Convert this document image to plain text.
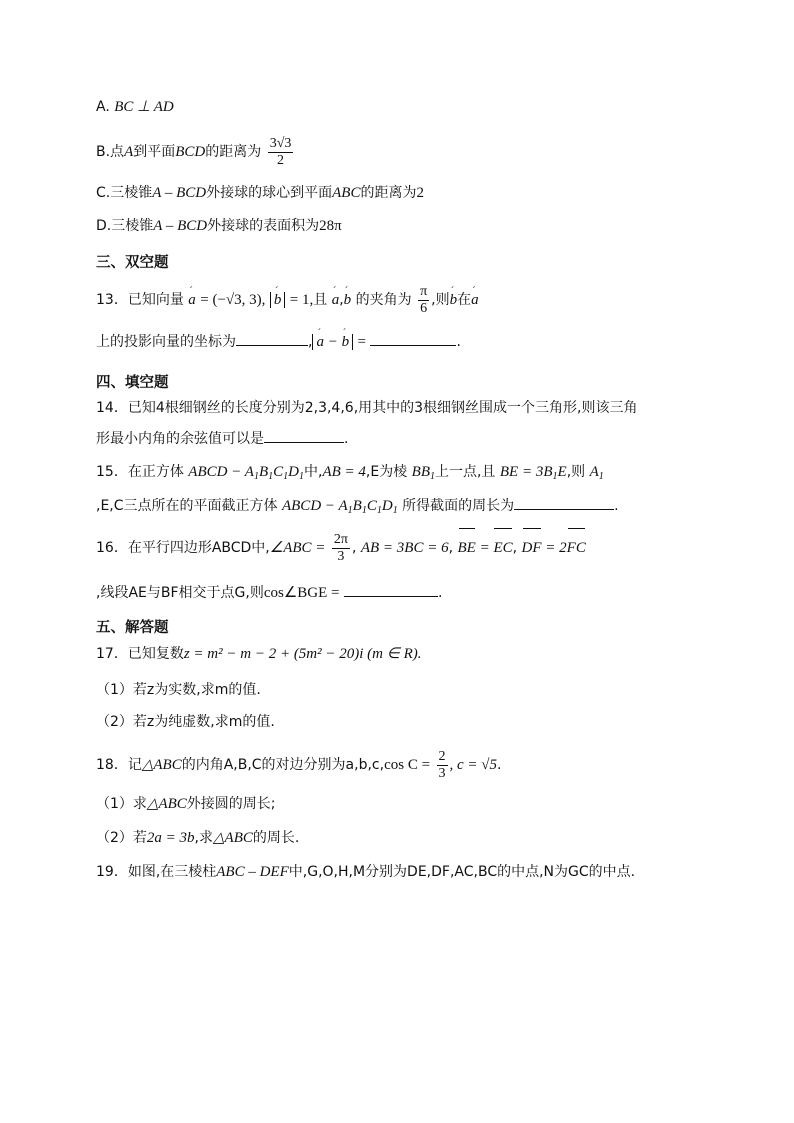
A. BC ⊥ AD
B.点A到平面BCD的距离为 $\frac{3√3}{2}$
C.三棱锥A – BCD外接球的球心到平面ABC的距离为2
D.三棱锥A – BCD外接球的表面积为28π
三、双空题
13．已知向量 ´ a = (−√3, 3), ´ b = 1,且 ´ a,´ b 的夹角为 $\frac{\pi}{6}$ ,则´ b在´ a
上的投影向量的坐标为	, ´ a − ´ b =	.
四、填空题
14．已知4根细钢丝的长度分别为2,3,4,6,用其中的3根细钢丝围成一个三角形,则该三角
形最小内角的余弦值可以是	.
15．在正方体 ABCD − $A_1B_1C_1D_1$中,AB = 4,E为棱 $BB_1$上一点,且 BE = $3B_1E$,则 $A_1$
,E,C三点所在的平面截正方体 ABCD − $A_1B_1C_1D_1$ 所得截面的周长为	.
16．在平行四边形ABCD中,∠ABC = $\frac{2\pi}{3}$ , AB = 3BC = 6, BE = EC, DF = 2FC
,线段AE与BF相交于点G,则cos∠BGE =	.
五、解答题
17．已知复数z = m² − m − 2 + (5m² − 20)i (m ∈ R).
（1）若z为实数,求m的值.
（2）若z为纯虚数,求m的值.
18．记△ABC的内角A,B,C的对边分别为a,b,c,cos $C = \frac{2}{3}$ , c = √5.
（1）求△ABC外接圆的周长;
（2）若2a = 3b,求△ABC的周长.
19．如图,在三棱柱ABC – DEF中,G,O,H,M分别为DE,DF,AC,BC的中点,N为GC的中点.
